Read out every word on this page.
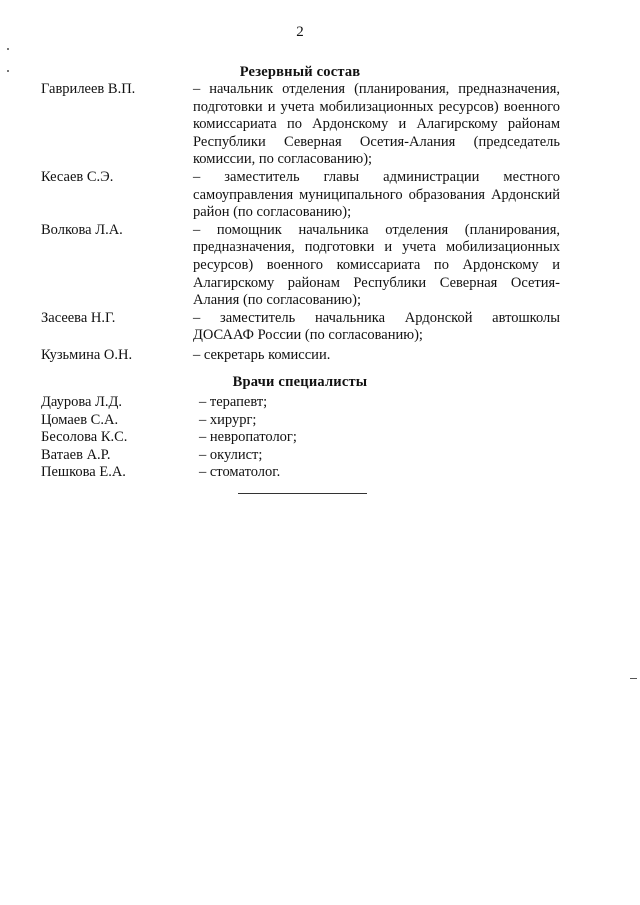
2
Резервный состав
Гаврилеев В.П.	– начальник отделения (планирования, предназначения, подготовки и учета мобилизационных ресурсов) военного комиссариата по Ардонскому и Алагирскому районам Республики Северная Осетия-Алания (председатель комиссии, по согласованию);
Кесаев С.Э.	– заместитель главы администрации местного самоуправления муниципального образования Ардонский район (по согласованию);
Волкова Л.А.	– помощник начальника отделения (планирования, предназначения, подготовки и учета мобилизационных ресурсов) военного комиссариата по Ардонскому и Алагирскому районам Республики Северная Осетия-Алания (по согласованию);
Засеева Н.Г.	– заместитель начальника Ардонской автошколы ДОСААФ России (по согласованию);
Кузьмина О.Н.	– секретарь комиссии.
Врачи специалисты
Даурова Л.Д.	– терапевт;
Цомаев С.А.	– хирург;
Бесолова К.С.	– невропатолог;
Ватаев А.Р.	– окулист;
Пешкова Е.А.	– стоматолог.
